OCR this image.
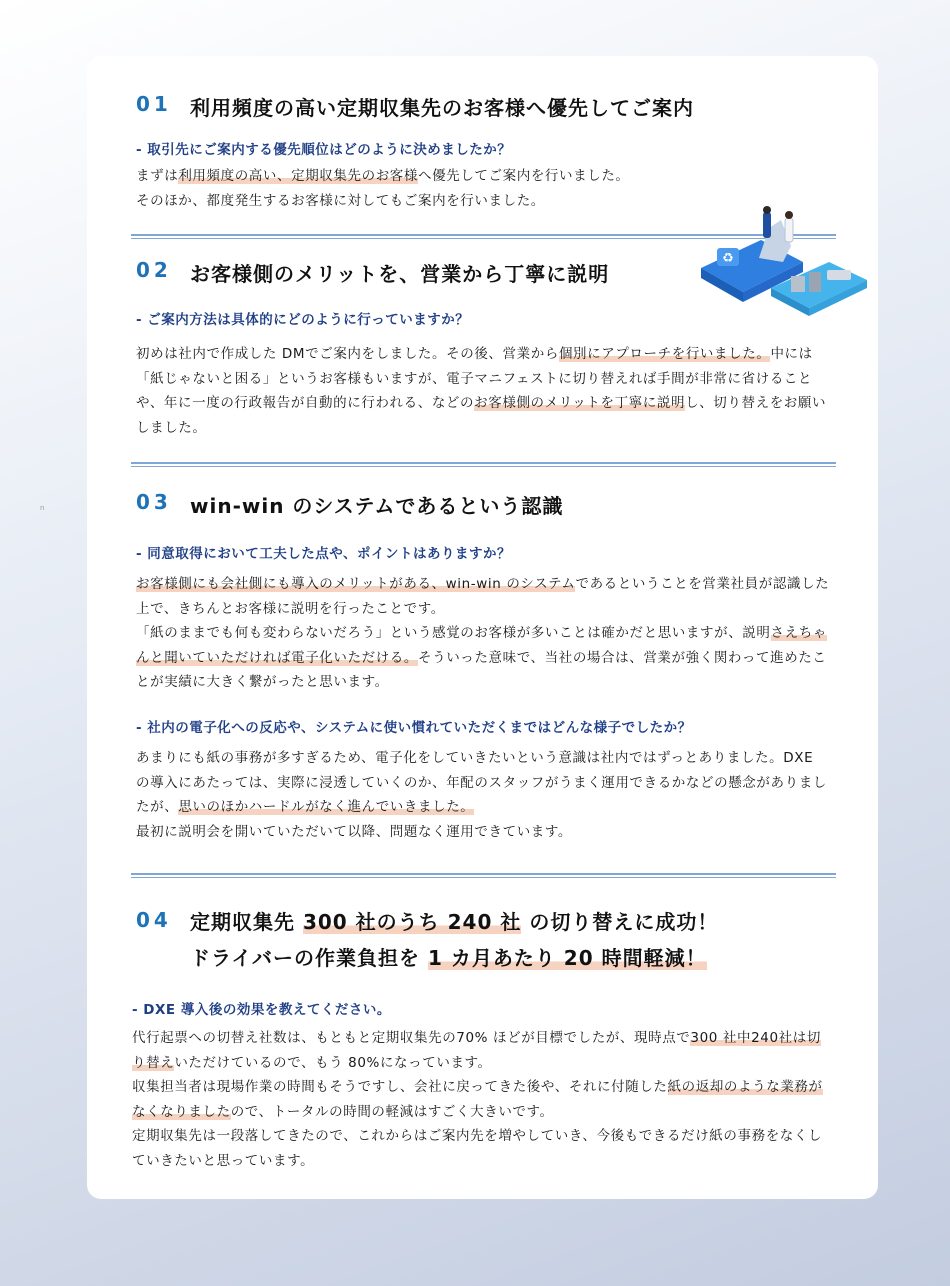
n
01 利用頻度の高い定期収集先のお客様へ優先してご案内
- 取引先にご案内する優先順位はどのように決めましたか？
まずは利用頻度の高い、定期収集先のお客様へ優先してご案内を行いました。
そのほか、都度発生するお客様に対してもご案内を行いました。
♻
02 お客様側のメリットを、営業から丁寧に説明
- ご案内方法は具体的にどのように行っていますか？
初めは社内で作成した DMでご案内をしました。その後、営業から個別にアプローチを行いました。中には「紙じゃないと困る」というお客様もいますが、電子マニフェストに切り替えれば手間が非常に省けることや、年に一度の行政報告が自動的に行われる、などのお客様側のメリットを丁寧に説明し、切り替えをお願いしました。
03 win-win のシステムであるという認識
- 同意取得において工夫した点や、ポイントはありますか？
お客様側にも会社側にも導入のメリットがある、win-win のシステムであるということを営業社員が認識した上で、きちんとお客様に説明を行ったことです。
「紙のままでも何も変わらないだろう」という感覚のお客様が多いことは確かだと思いますが、説明さえちゃんと聞いていただければ電子化いただける。そういった意味で、当社の場合は、営業が強く関わって進めたことが実績に大きく繋がったと思います。
- 社内の電子化への反応や、システムに使い慣れていただくまではどんな様子でしたか？
あまりにも紙の事務が多すぎるため、電子化をしていきたいという意識は社内ではずっとありました。DXE の導入にあたっては、実際に浸透していくのか、年配のスタッフがうまく運用できるかなどの懸念がありましたが、思いのほかハードルがなく進んでいきました。
最初に説明会を開いていただいて以降、問題なく運用できています。
04 定期収集先 300 社のうち 240 社 の切り替えに成功！
ドライバーの作業負担を 1 カ月あたり 20 時間軽減！
- DXE 導入後の効果を教えてください。
代行起票への切替え社数は、もともと定期収集先の70% ほどが目標でしたが、現時点で300 社中240社は切り替えいただけているので、もう 80%になっています。
収集担当者は現場作業の時間もそうですし、会社に戻ってきた後や、それに付随した紙の返却のような業務がなくなりましたので、トータルの時間の軽減はすごく大きいです。
定期収集先は一段落してきたので、これからはご案内先を増やしていき、今後もできるだけ紙の事務をなくしていきたいと思っています。
